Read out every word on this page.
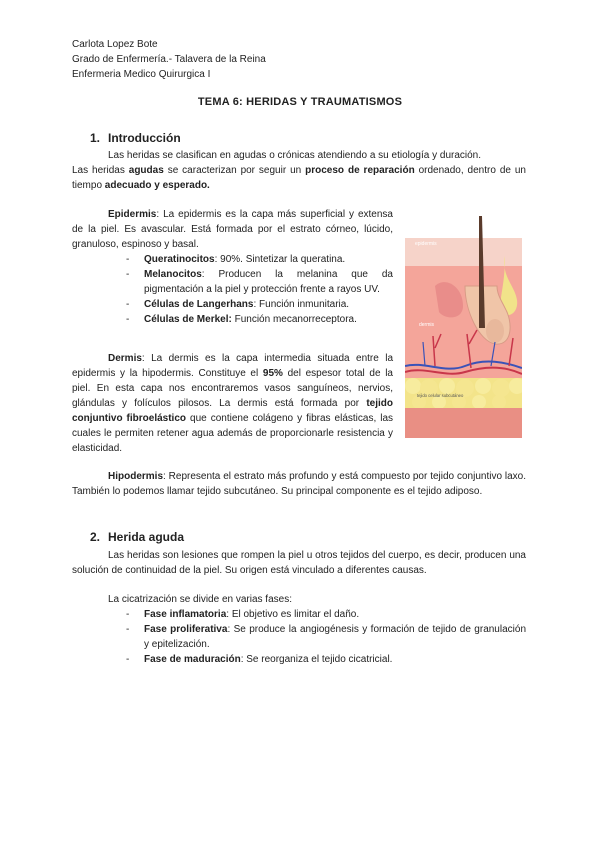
Carlota Lopez Bote
Grado de Enfermería.- Talavera de la Reina
Enfermeria Medico Quirurgica I
TEMA 6: HERIDAS Y TRAUMATISMOS
1. Introducción
Las heridas se clasifican en agudas o crónicas atendiendo a su etiología y duración.
Las heridas agudas se caracterizan por seguir un proceso de reparación ordenado, dentro de un tiempo adecuado y esperado.
Epidermis: La epidermis es la capa más superficial y extensa de la piel. Es avascular. Está formada por el estrato córneo, lúcido, granuloso, espinoso y basal.
- Queratinocitos: 90%. Sintetizar la queratina.
- Melanocitos: Producen la melanina que da pigmentación a la piel y protección frente a rayos UV.
- Células de Langerhans: Función inmunitaria.
- Células de Merkel: Función mecanorreceptora.
Dermis: La dermis es la capa intermedia situada entre la epidermis y la hipodermis. Constituye el 95% del espesor total de la piel. En esta capa nos encontraremos vasos sanguíneos, nervios, glándulas y folículos pilosos. La dermis está formada por tejido conjuntivo fibroelástico que contiene colágeno y fibras elásticas, las cuales le permiten retener agua además de proporcionarle resistencia y elasticidad.
Hipodermis: Representa el estrato más profundo y está compuesto por tejido conjuntivo laxo. También lo podemos llamar tejido subcutáneo. Su principal componente es el tejido adiposo.
epidermis
dermis
tejido celular subcutáneo
2. Herida aguda
Las heridas son lesiones que rompen la piel u otros tejidos del cuerpo, es decir, producen una solución de continuidad de la piel. Su origen está vinculado a diferentes causas.
La cicatrización se divide en varias fases:
- Fase inflamatoria: El objetivo es limitar el daño.
- Fase proliferativa: Se produce la angiogénesis y formación de tejido de granulación y epitelización.
- Fase de maduración: Se reorganiza el tejido cicatricial.
